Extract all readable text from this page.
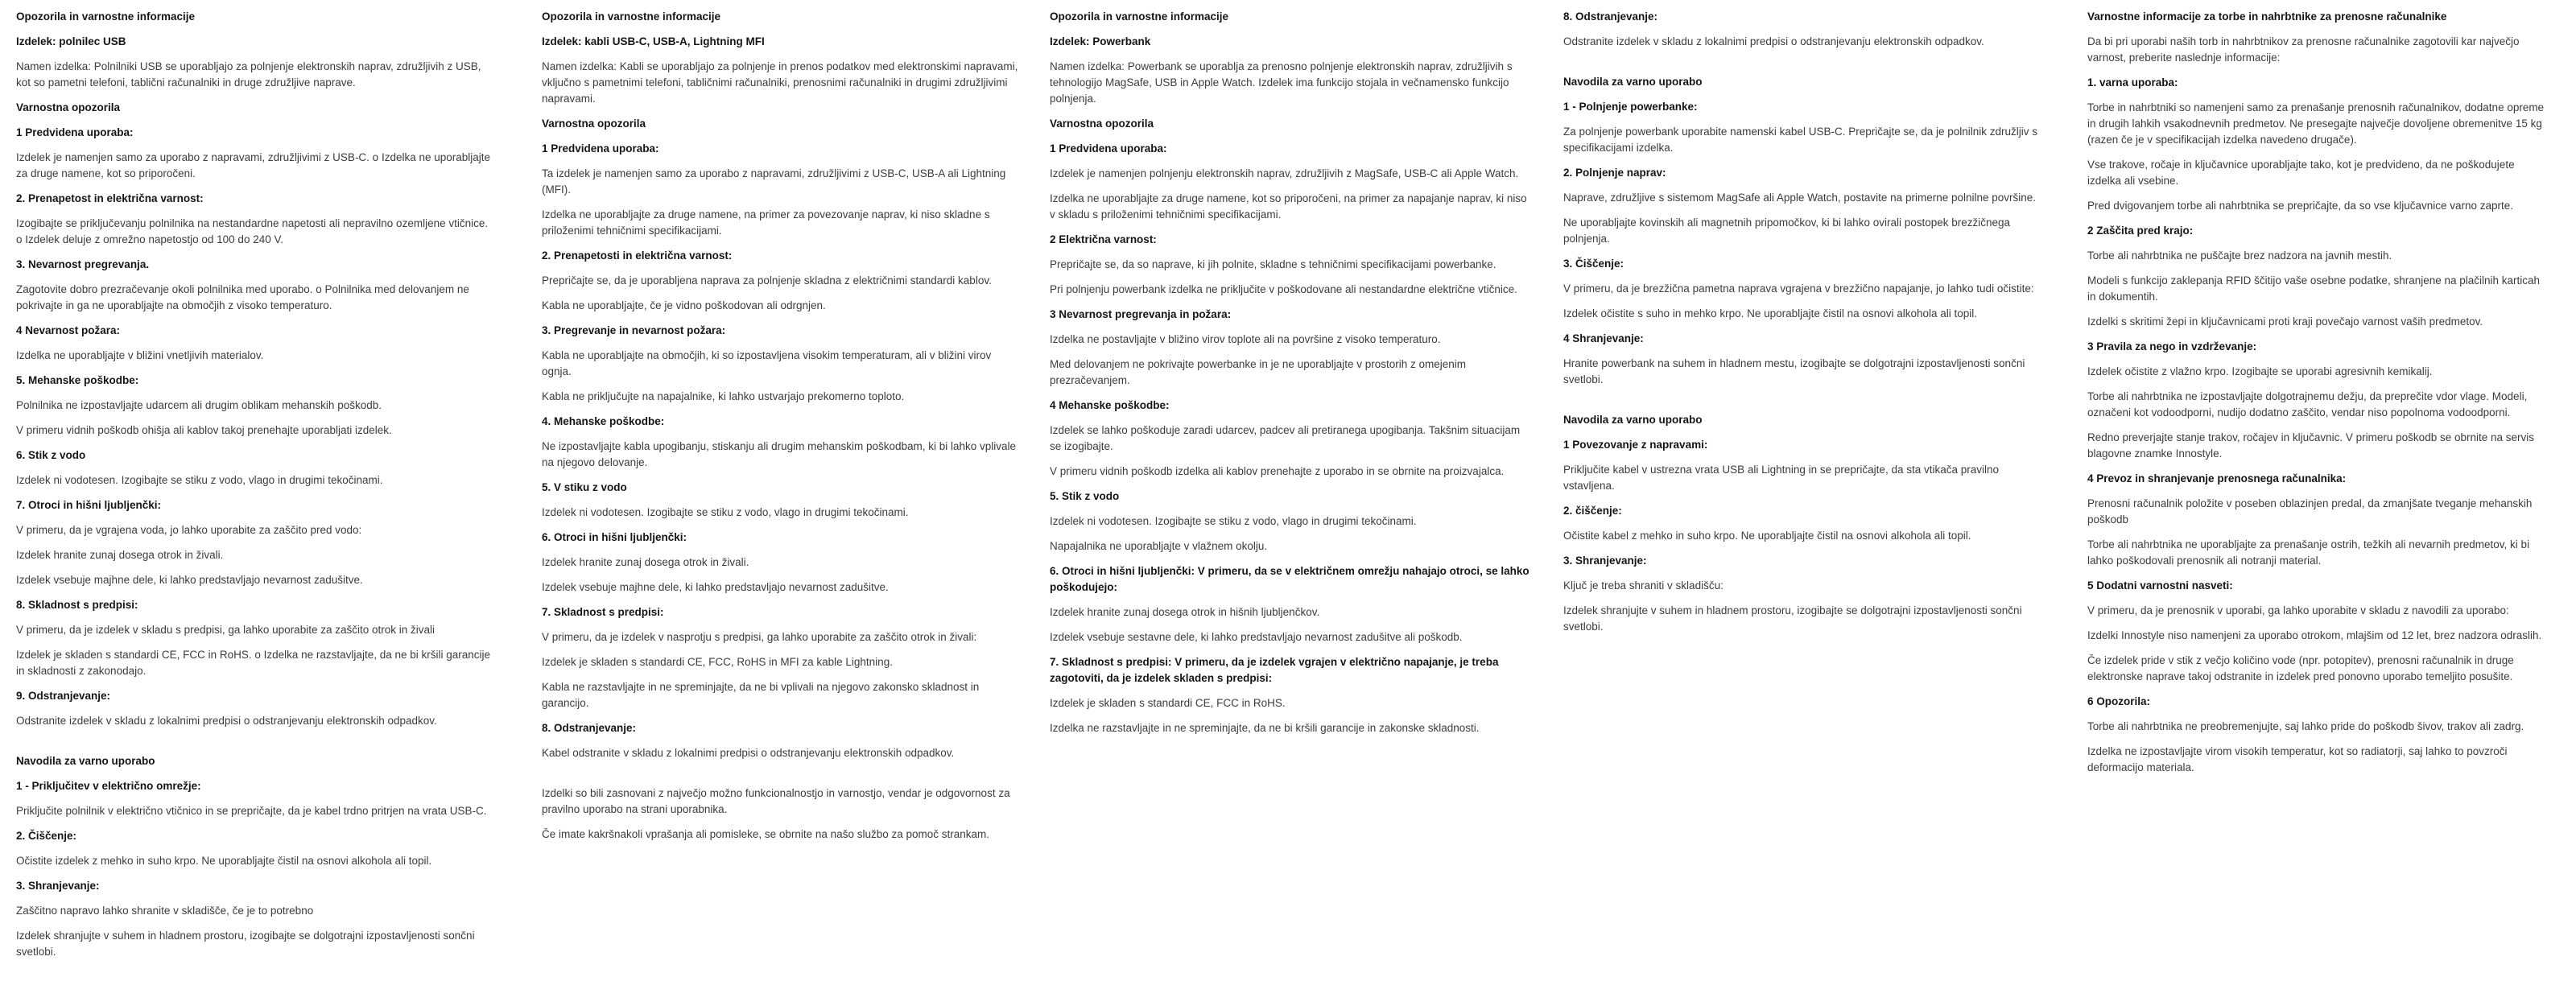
Opozorila in varnostne informacije

Izdelek: polnilec USB

Namen izdelka: Polnilniki USB se uporabljajo za polnjenje elektronskih naprav, združljivih z USB, kot so pametni telefoni, tablični računalniki in druge združljive naprave.

Varnostna opozorila

1 Predvidena uporaba:

Izdelek je namenjen samo za uporabo z napravami, združljivimi z USB-C. o Izdelka ne uporabljajte za druge namene, kot so priporočeni.

2. Prenapetost in električna varnost:

Izogibajte se priključevanju polnilnika na nestandardne napetosti ali nepravilno ozemljene vtičnice. o Izdelek deluje z omrežno napetostjo od 100 do 240 V.

3. Nevarnost pregrevanja.

Zagotovite dobro prezračevanje okoli polnilnika med uporabo. o Polnilnika med delovanjem ne pokrivajte in ga ne uporabljajte na območjih z visoko temperaturo.

4 Nevarnost požara:

Izdelka ne uporabljajte v bližini vnetljivih materialov.

5. Mehanske poškodbe:

Polnilnika ne izpostavljajte udarcem ali drugim oblikam mehanskih poškodb.

V primeru vidnih poškodb ohišja ali kablov takoj prenehajte uporabljati izdelek.

6. Stik z vodo

Izdelek ni vodotesen. Izogibajte se stiku z vodo, vlago in drugimi tekočinami.

7. Otroci in hišni ljubljenčki:

V primeru, da je vgrajena voda, jo lahko uporabite za zaščito pred vodo:

Izdelek hranite zunaj dosega otrok in živali.

Izdelek vsebuje majhne dele, ki lahko predstavljajo nevarnost zadušitve.

8. Skladnost s predpisi:

V primeru, da je izdelek v skladu s predpisi, ga lahko uporabite za zaščito otrok in živali

Izdelek je skladen s standardi CE, FCC in RoHS. o Izdelka ne razstavljajte, da ne bi kršili garancije in skladnosti z zakonodajo.

9. Odstranjevanje:

Odstranite izdelek v skladu z lokalnimi predpisi o odstranjevanju elektronskih odpadkov.

Navodila za varno uporabo

1 - Priključitev v električno omrežje:

Priključite polnilnik v električno vtičnico in se prepričajte, da je kabel trdno pritrjen na vrata USB-C.

2. Čiščenje:

Očistite izdelek z mehko in suho krpo. Ne uporabljajte čistil na osnovi alkohola ali topil.

3. Shranjevanje:

Zaščitno napravo lahko shranite v skladišče, če je to potrebno

Izdelek shranjujte v suhem in hladnem prostoru, izogibajte se dolgotrajni izpostavljenosti sončni svetlobi.

Opozorila in varnostne informacije

Izdelek: kabli USB-C, USB-A, Lightning MFI

Namen izdelka: Kabli se uporabljajo za polnjenje in prenos podatkov med elektronskimi napravami, vključno s pametnimi telefoni, tabličnimi računalniki, prenosnimi računalniki in drugimi združljivimi napravami.

Varnostna opozorila

1 Predvidena uporaba:

Ta izdelek je namenjen samo za uporabo z napravami, združljivimi z USB-C, USB-A ali Lightning (MFI).

Izdelka ne uporabljajte za druge namene, na primer za povezovanje naprav, ki niso skladne s priloženimi tehničnimi specifikacijami.

2. Prenapetosti in električna varnost:

Prepričajte se, da je uporabljena naprava za polnjenje skladna z električnimi standardi kablov.

Kabla ne uporabljajte, če je vidno poškodovan ali odrgnjen.

3. Pregrevanje in nevarnost požara:

Kabla ne uporabljajte na območjih, ki so izpostavljena visokim temperaturam, ali v bližini virov ognja.

Kabla ne priključujte na napajalnike, ki lahko ustvarjajo prekomerno toploto.

4. Mehanske poškodbe:

Ne izpostavljajte kabla upogibanju, stiskanju ali drugim mehanskim poškodbam, ki bi lahko vplivale na njegovo delovanje.

5. V stiku z vodo

Izdelek ni vodotesen. Izogibajte se stiku z vodo, vlago in drugimi tekočinami.

6. Otroci in hišni ljubljenčki:

Izdelek hranite zunaj dosega otrok in živali.

Izdelek vsebuje majhne dele, ki lahko predstavljajo nevarnost zadušitve.

7. Skladnost s predpisi:

V primeru, da je izdelek v nasprotju s predpisi, ga lahko uporabite za zaščito otrok in živali:

Izdelek je skladen s standardi CE, FCC, RoHS in MFI za kable Lightning.

Kabla ne razstavljajte in ne spreminjajte, da ne bi vplivali na njegovo zakonsko skladnost in garancijo.

8. Odstranjevanje:

Kabel odstranite v skladu z lokalnimi predpisi o odstranjevanju elektronskih odpadkov.

Izdelki so bili zasnovani z največjo možno funkcionalnostjo in varnostjo, vendar je odgovornost za pravilno uporabo na strani uporabnika.

Če imate kakršnakoli vprašanja ali pomisleke, se obrnite na našo službo za pomoč strankam.

Opozorila in varnostne informacije

Izdelek: Powerbank

Namen izdelka: Powerbank se uporablja za prenosno polnjenje elektronskih naprav, združljivih s tehnologijo MagSafe, USB in Apple Watch. Izdelek ima funkcijo stojala in večnamensko funkcijo polnjenja.

Varnostna opozorila

1 Predvidena uporaba:

Izdelek je namenjen polnjenju elektronskih naprav, združljivih z MagSafe, USB-C ali Apple Watch.

Izdelka ne uporabljajte za druge namene, kot so priporočeni, na primer za napajanje naprav, ki niso v skladu s priloženimi tehničnimi specifikacijami.

2 Električna varnost:

Prepričajte se, da so naprave, ki jih polnite, skladne s tehničnimi specifikacijami powerbanke.

Pri polnjenju powerbank izdelka ne priključite v poškodovane ali nestandardne električne vtičnice.

3 Nevarnost pregrevanja in požara:

Izdelka ne postavljajte v bližino virov toplote ali na površine z visoko temperaturo.

Med delovanjem ne pokrivajte powerbanke in je ne uporabljajte v prostorih z omejenim prezračevanjem.

4 Mehanske poškodbe:

Izdelek se lahko poškoduje zaradi udarcev, padcev ali pretiranega upogibanja. Takšnim situacijam se izogibajte.

V primeru vidnih poškodb izdelka ali kablov prenehajte z uporabo in se obrnite na proizvajalca.

5. Stik z vodo

Izdelek ni vodotesen. Izogibajte se stiku z vodo, vlago in drugimi tekočinami.

Napajalnika ne uporabljajte v vlažnem okolju.

6. Otroci in hišni ljubljenčki: V primeru, da se v električnem omrežju nahajajo otroci, se lahko poškodujejo:

Izdelek hranite zunaj dosega otrok in hišnih ljubljenčkov.

Izdelek vsebuje sestavne dele, ki lahko predstavljajo nevarnost zadušitve ali poškodb.

7. Skladnost s predpisi: V primeru, da je izdelek vgrajen v električno napajanje, je treba zagotoviti, da je izdelek skladen s predpisi:

Izdelek je skladen s standardi CE, FCC in RoHS.

Izdelka ne razstavljajte in ne spreminjajte, da ne bi kršili garancije in zakonske skladnosti.

8. Odstranjevanje:

Odstranite izdelek v skladu z lokalnimi predpisi o odstranjevanju elektronskih odpadkov.

Navodila za varno uporabo

1 - Polnjenje powerbanke:

Za polnjenje powerbank uporabite namenski kabel USB-C. Prepričajte se, da je polnilnik združljiv s specifikacijami izdelka.

2. Polnjenje naprav:

Naprave, združljive s sistemom MagSafe ali Apple Watch, postavite na primerne polnilne površine.

Ne uporabljajte kovinskih ali magnetnih pripomočkov, ki bi lahko ovirali postopek brezžičnega polnjenja.

3. Čiščenje:

V primeru, da je brezžična pametna naprava vgrajena v brezžično napajanje, jo lahko tudi očistite:

Izdelek očistite s suho in mehko krpo. Ne uporabljajte čistil na osnovi alkohola ali topil.

4 Shranjevanje:

Hranite powerbank na suhem in hladnem mestu, izogibajte se dolgotrajni izpostavljenosti sončni svetlobi.

Navodila za varno uporabo

1 Povezovanje z napravami:

Priključite kabel v ustrezna vrata USB ali Lightning in se prepričajte, da sta vtikača pravilno vstavljena.

2. čiščenje:

Očistite kabel z mehko in suho krpo. Ne uporabljajte čistil na osnovi alkohola ali topil.

3. Shranjevanje:

Ključ je treba shraniti v skladišču:

Izdelek shranjujte v suhem in hladnem prostoru, izogibajte se dolgotrajni izpostavljenosti sončni svetlobi.

Varnostne informacije za torbe in nahrbtnike za prenosne računalnike

Da bi pri uporabi naših torb in nahrbtnikov za prenosne računalnike zagotovili kar največjo varnost, preberite naslednje informacije:

1. varna uporaba:

Torbe in nahrbtniki so namenjeni samo za prenašanje prenosnih računalnikov, dodatne opreme in drugih lahkih vsakodnevnih predmetov. Ne presegajte največje dovoljene obremenitve 15 kg (razen če je v specifikacijah izdelka navedeno drugače).

Vse trakove, ročaje in ključavnice uporabljajte tako, kot je predvideno, da ne poškodujete izdelka ali vsebine.

Pred dvigovanjem torbe ali nahrbtnika se prepričajte, da so vse ključavnice varno zaprte.

2 Zaščita pred krajo:

Torbe ali nahrbtnika ne puščajte brez nadzora na javnih mestih.

Modeli s funkcijo zaklepanja RFID ščitijo vaše osebne podatke, shranjene na plačilnih karticah in dokumentih.

Izdelki s skritimi žepi in ključavnicami proti kraji povečajo varnost vaših predmetov.

3 Pravila za nego in vzdrževanje:

Izdelek očistite z vlažno krpo. Izogibajte se uporabi agresivnih kemikalij.

Torbe ali nahrbtnika ne izpostavljajte dolgotrajnemu dežju, da preprečite vdor vlage. Modeli, označeni kot vodoodporni, nudijo dodatno zaščito, vendar niso popolnoma vodoodporni.

Redno preverjajte stanje trakov, ročajev in ključavnic. V primeru poškodb se obrnite na servis blagovne znamke Innostyle.

4 Prevoz in shranjevanje prenosnega računalnika:

Prenosni računalnik položite v poseben oblazinjen predal, da zmanjšate tveganje mehanskih poškodb

Torbe ali nahrbtnika ne uporabljajte za prenašanje ostrih, težkih ali nevarnih predmetov, ki bi lahko poškodovali prenosnik ali notranji material.

5 Dodatni varnostni nasveti:

V primeru, da je prenosnik v uporabi, ga lahko uporabite v skladu z navodili za uporabo:

Izdelki Innostyle niso namenjeni za uporabo otrokom, mlajšim od 12 let, brez nadzora odraslih.

Če izdelek pride v stik z večjo količino vode (npr. potopitev), prenosni računalnik in druge elektronske naprave takoj odstranite in izdelek pred ponovno uporabo temeljito posušite.

6 Opozorila:

Torbe ali nahrbtnika ne preobremenjujte, saj lahko pride do poškodb šivov, trakov ali zadrg.

Izdelka ne izpostavljajte virom visokih temperatur, kot so radiatorji, saj lahko to povzroči deformacijo materiala.
